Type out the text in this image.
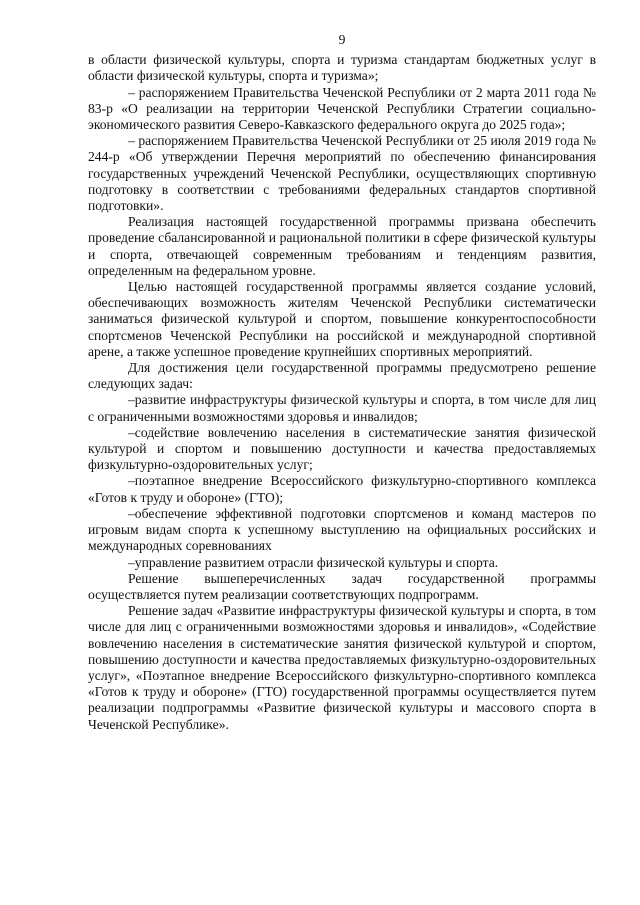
9

в области физической культуры, спорта и туризма стандартам бюджетных услуг в области физической культуры, спорта и туризма»;

– распоряжением Правительства Чеченской Республики от 2 марта 2011 года № 83-р «О реализации на территории Чеченской Республики Стратегии социально-экономического развития Северо-Кавказского федерального округа до 2025 года»;

– распоряжением Правительства Чеченской Республики от 25 июля 2019 года № 244-р «Об утверждении Перечня мероприятий по обеспечению финансирования государственных учреждений Чеченской Республики, осуществляющих спортивную подготовку в соответствии с требованиями федеральных стандартов спортивной подготовки».

Реализация настоящей государственной программы призвана обеспечить проведение сбалансированной и рациональной политики в сфере физической культуры и спорта, отвечающей современным требованиям и тенденциям развития, определенным на федеральном уровне.

Целью настоящей государственной программы является создание условий, обеспечивающих возможность жителям Чеченской Республики систематически заниматься физической культурой и спортом, повышение конкурентоспособности спортсменов Чеченской Республики на российской и международной спортивной арене, а также успешное проведение крупнейших спортивных мероприятий.

Для достижения цели государственной программы предусмотрено решение следующих задач:

–развитие инфраструктуры физической культуры и спорта, в том числе для лиц с ограниченными возможностями здоровья и инвалидов;

–содействие вовлечению населения в систематические занятия физической культурой и спортом и повышению доступности и качества предоставляемых физкультурно-оздоровительных услуг;

–поэтапное внедрение Всероссийского физкультурно-спортивного комплекса «Готов к труду и обороне» (ГТО);

–обеспечение эффективной подготовки спортсменов и команд мастеров по игровым видам спорта к успешному выступлению на официальных российских и международных соревнованиях

–управление развитием отрасли физической культуры и спорта.

Решение вышеперечисленных задач государственной программы осуществляется путем реализации соответствующих подпрограмм.

Решение задач «Развитие инфраструктуры физической культуры и спорта, в том числе для лиц с ограниченными возможностями здоровья и инвалидов», «Содействие вовлечению населения в систематические занятия физической культурой и спортом, повышению доступности и качества предоставляемых физкультурно-оздоровительных услуг», «Поэтапное внедрение Всероссийского физкультурно-спортивного комплекса «Готов к труду и обороне» (ГТО) государственной программы осуществляется путем реализации подпрограммы «Развитие физической культуры и массового спорта в Чеченской Республике».
